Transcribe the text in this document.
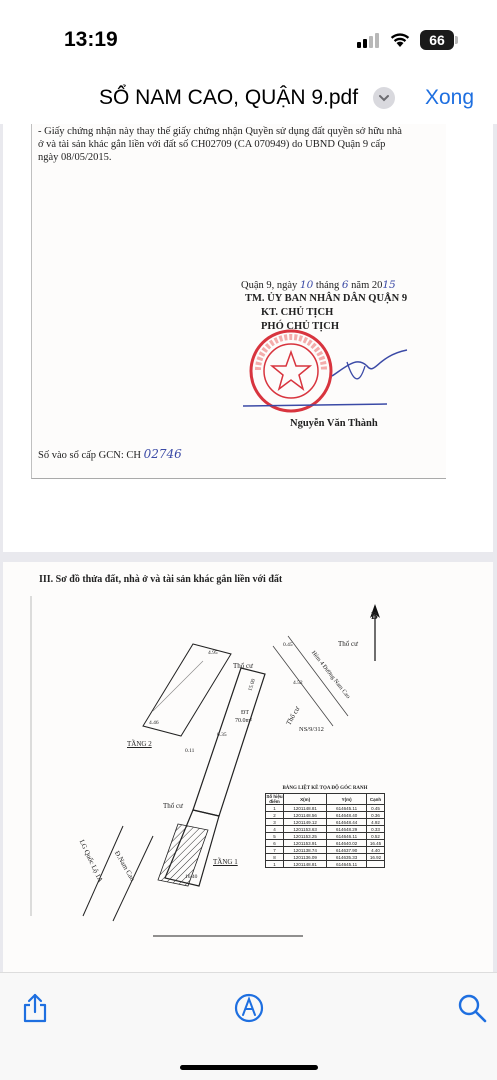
13:19	66
SỔ NAM CAO, QUẬN 9.pdf	Xong
- Giấy chứng nhận này thay thế giấy chứng nhận Quyền sử dụng đất quyền sở hữu nhà
ở và tài sản khác gắn liền với đất số CH02709 (CA 070949) do UBND Quận 9 cấp
ngày 08/05/2015.
Quận 9, ngày 10 tháng 6 năm 2015
TM. ỦY BAN NHÂN DÂN QUẬN 9
KT. CHỦ TỊCH
PHÓ CHỦ TỊCH
Nguyễn Văn Thành
Số vào sổ cấp GCN: CH 02746
III. Sơ đồ thửa đất, nhà ở và tài sản khác gắn liền với đất
Thổ cư
Thổ cư
Thổ cư
Thổ cư
TẦNG 2
TẦNG 1
Đ.Nam Cao
LG Quốc Lộ 1A
NS/9/312
Hẻm 4 Đường Nam Cao
B
ĐT
70.0m²
4.95
15.00
0.11
0.35
4.46
0.45
4.52
16.40
BẢNG LIỆT KÊ TỌA ĐỘ GÓC RANH
Số hiệu điểm	X(m)	Y(m)	Cạnh
1	1201148.81	614645.11	0.45
2	1201148.56	614648.40	0.36
3	1201149.12	614648.44	4.92
4	1201153.63	614648.29	0.33
5	1201153.25	614646.11	0.52
6	1201153.91	614640.02	16.45
7	1201138.74	614637.90	4.40
8	1201136.09	614635.33	16.92
1	1201148.81	614645.11	
